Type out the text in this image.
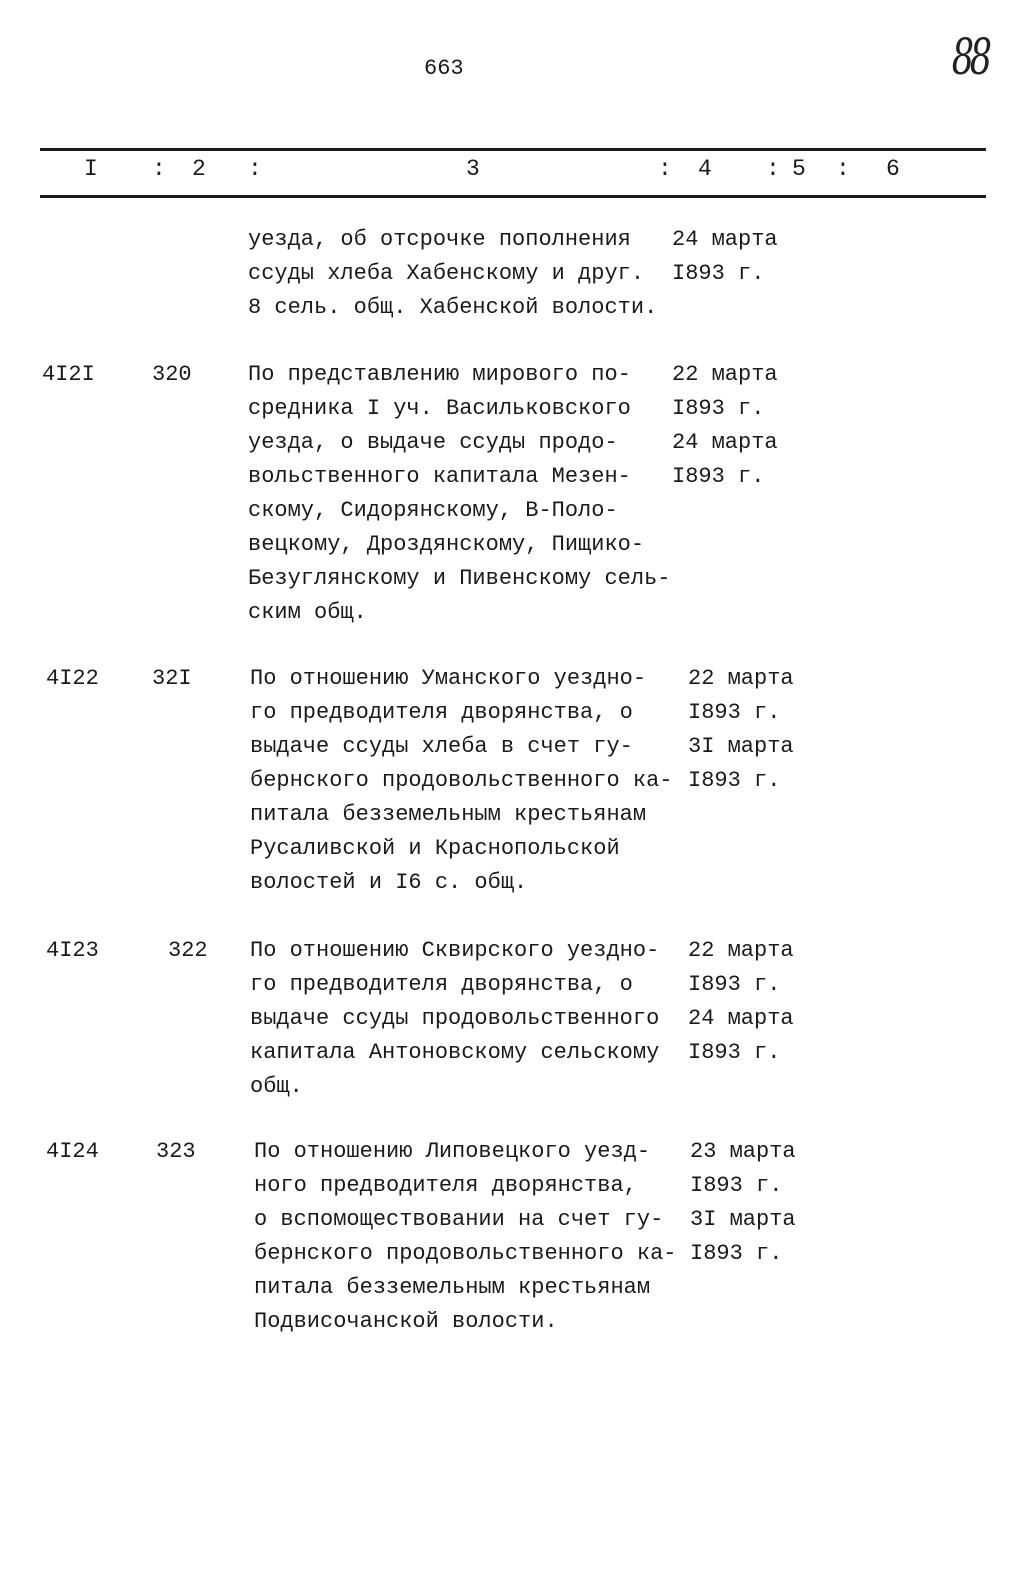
663	88
I : 2 :	3	: 4 : 5 : 6
уезда, об отсрочке пополнения
ссуды хлеба Хабенскому и друг.
8 сель. общ. Хабенской волости.
24 марта
I893 г.
4I2I	320	По представлению мирового по-
средника I уч. Васильковского
уезда, о выдаче ссуды продо-
вольственного капитала Мезен-
скому, Сидорянскому, В-Поло-
вецкому, Дроздянскому, Пищико-
Безуглянскому и Пивенскому сель-
ским общ.
22 марта
I893 г.
24 марта
I893 г.
4I22 32I	По отношению Уманского уездно-
го предводителя дворянства, о
выдаче ссуды хлеба в счет гу-
бернского продовольственного ка-
питала безземельным крестьянам
Русаливской и Краснопольской
волостей и I6 с. общ.
22 марта
I893 г.
3I марта
I893 г.
4I23	322 По отношению Сквирского уездно-
го предводителя дворянства, о
выдаче ссуды продовольственного
капитала Антоновскому сельскому
общ.
22 марта
I893 г.
24 марта
I893 г.
4I24	323	По отношению Липовецкого уезд-
ного предводителя дворянства,
о вспомоществовании на счет гу-
бернского продовольственного ка-
питала безземельным крестьянам
Подвисочанской волости.
23 марта
I893 г.
3I марта
I893 г.
